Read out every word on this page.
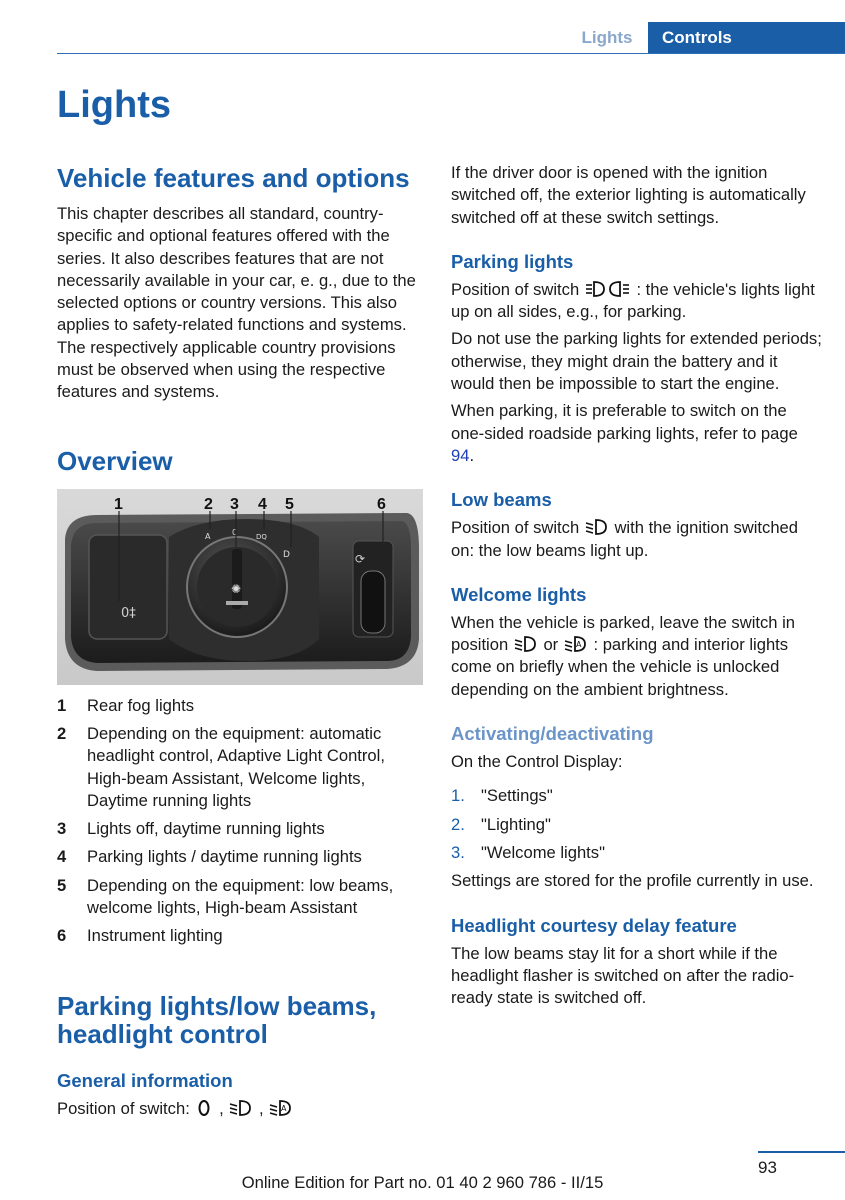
Lights	Controls
Lights
Vehicle features and options

This chapter describes all standard, country-specific and optional features offered with the series. It also describes features that are not necessarily available in your car, e. g., due to the selected options or country versions. This also applies to safety-related functions and systems. The respectively applicable country provisions must be observed when using the respective features and systems.

Overview
0‡
✺
⟳
A	0	DQ
D
1	2 3 4 5	6
1	Rear fog lights
2	Depending on the equipment: automatic headlight control, Adaptive Light Control, High-beam Assistant, Welcome lights, Daytime running lights
3	Lights off, daytime running lights
4	Parking lights / daytime running lights
5	Depending on the equipment: low beams, welcome lights, High-beam Assistant
6	Instrument lighting
Parking lights/low beams, headlight control
General information

Position of switch: , , A

If the driver door is opened with the ignition switched off, the exterior lighting is automatically switched off at these switch settings.

Parking lights

Position of switch	: the vehicle's lights light up on all sides, e.g., for parking.

Do not use the parking lights for extended periods; otherwise, they might drain the battery and it would then be impossible to start the engine.

When parking, it is preferable to switch on the one-sided roadside parking lights, refer to page 94.

Low beams

Position of switch with the ignition switched on: the low beams light up.

Welcome lights

When the vehicle is parked, leave the switch in position or A : parking and interior lights come on briefly when the vehicle is unlocked depending on the ambient brightness.

Activating/deactivating

On the Control Display:

1. "Settings"
2. "Lighting"
3. "Welcome lights"

Settings are stored for the profile currently in use.

Headlight courtesy delay feature

The low beams stay lit for a short while if the headlight flasher is switched on after the radio-ready state is switched off.

93
Online Edition for Part no. 01 40 2 960 786 - II/15
